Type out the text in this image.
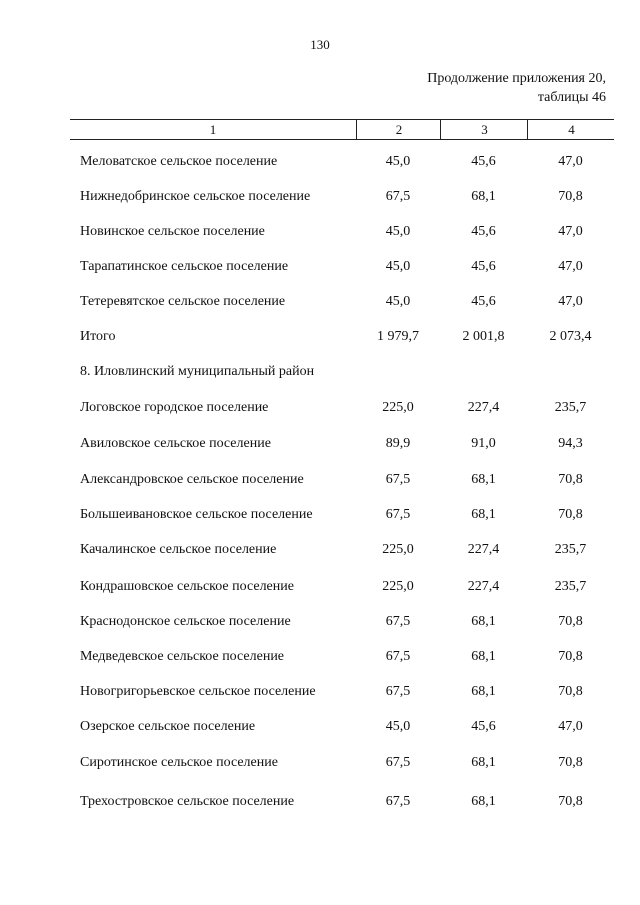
130
Продолжение приложения 20,
таблицы 46
1	2	3	4
Меловатское сельское поселение	45,0	45,6	47,0
Нижнедобринское сельское поселение	67,5	68,1	70,8
Новинское сельское поселение	45,0	45,6	47,0
Тарапатинское сельское поселение	45,0	45,6	47,0
Тетеревятское сельское поселение	45,0	45,6	47,0
Итого	1 979,7	2 001,8	2 073,4
8. Иловлинский муниципальный район
Логовское городское поселение	225,0	227,4	235,7
Авиловское сельское поселение	89,9	91,0	94,3
Александровское сельское поселение	67,5	68,1	70,8
Большеивановское сельское поселение	67,5	68,1	70,8
Качалинское сельское поселение	225,0	227,4	235,7
Кондрашовское сельское поселение	225,0	227,4	235,7
Краснодонское сельское поселение	67,5	68,1	70,8
Медведевское сельское поселение	67,5	68,1	70,8
Новогригорьевское сельское поселение	67,5	68,1	70,8
Озерское сельское поселение	45,0	45,6	47,0
Сиротинское сельское поселение	67,5	68,1	70,8
Трехостровское сельское поселение	67,5	68,1	70,8
